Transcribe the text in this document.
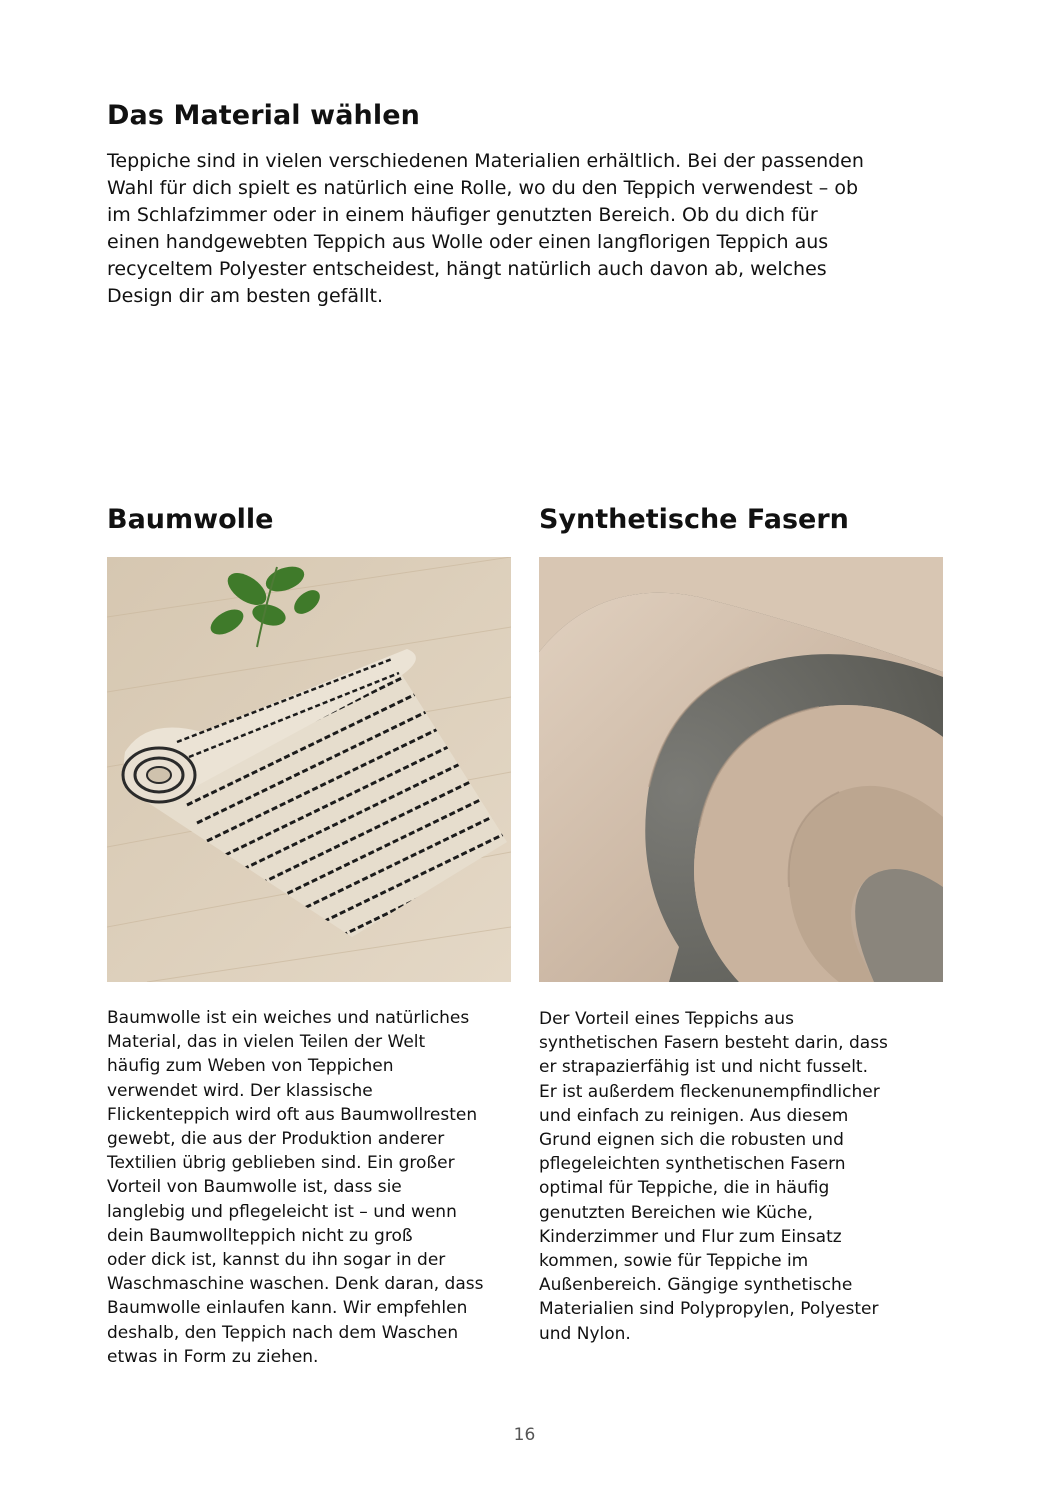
Das Material wählen

Teppiche sind in vielen verschiedenen Materialien erhältlich. Bei der passenden
Wahl für dich spielt es natürlich eine Rolle, wo du den Teppich verwendest – ob
im Schlafzimmer oder in einem häufiger genutzten Bereich. Ob du dich für
einen handgewebten Teppich aus Wolle oder einen langflorigen Teppich aus
recyceltem Polyester entscheidest, hängt natürlich auch davon ab, welches
Design dir am besten gefällt.

Baumwolle

Baumwolle ist ein weiches und natürliches
Material, das in vielen Teilen der Welt
häufig zum Weben von Teppichen
verwendet wird. Der klassische
Flickenteppich wird oft aus Baumwollresten
gewebt, die aus der Produktion anderer
Textilien übrig geblieben sind. Ein großer
Vorteil von Baumwolle ist, dass sie
langlebig und pflegeleicht ist – und wenn
dein Baumwollteppich nicht zu groß
oder dick ist, kannst du ihn sogar in der
Waschmaschine waschen. Denk daran, dass
Baumwolle einlaufen kann. Wir empfehlen
deshalb, den Teppich nach dem Waschen
etwas in Form zu ziehen.

Synthetische Fasern

Der Vorteil eines Teppichs aus
synthetischen Fasern besteht darin, dass
er strapazierfähig ist und nicht fusselt.
Er ist außerdem fleckenunempfindlicher
und einfach zu reinigen. Aus diesem
Grund eignen sich die robusten und
pflegeleichten synthetischen Fasern
optimal für Teppiche, die in häufig
genutzten Bereichen wie Küche,
Kinderzimmer und Flur zum Einsatz
kommen, sowie für Teppiche im
Außenbereich. Gängige synthetische
Materialien sind Polypropylen, Polyester
und Nylon.

16
